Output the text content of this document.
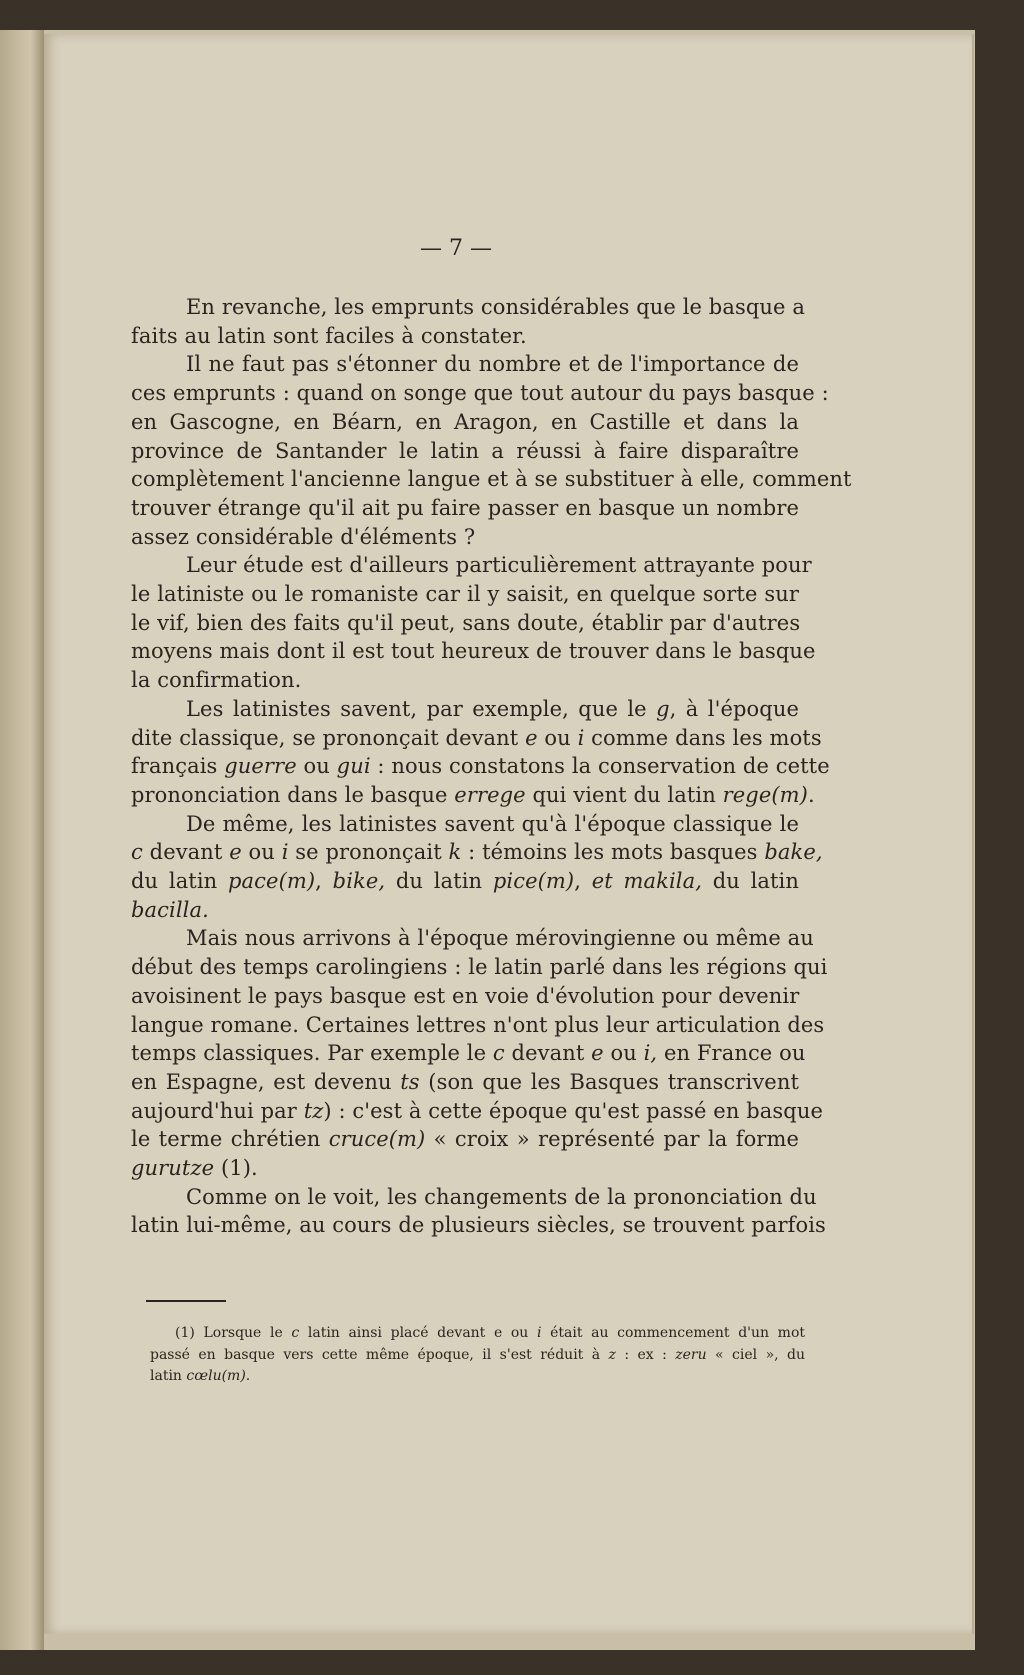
— 7 —
En revanche, les emprunts considérables que le basque a
faits au latin sont faciles à constater.
Il ne faut pas s'étonner du nombre et de l'importance de
ces emprunts : quand on songe que tout autour du pays basque :
en Gascogne, en Béarn, en Aragon, en Castille et dans la
province de Santander le latin a réussi à faire disparaître
complètement l'ancienne langue et à se substituer à elle, comment
trouver étrange qu'il ait pu faire passer en basque un nombre
assez considérable d'éléments ?
Leur étude est d'ailleurs particulièrement attrayante pour
le latiniste ou le romaniste car il y saisit, en quelque sorte sur
le vif, bien des faits qu'il peut, sans doute, établir par d'autres
moyens mais dont il est tout heureux de trouver dans le basque
la confirmation.
Les latinistes savent, par exemple, que le g, à l'époque
dite classique, se prononçait devant e ou i comme dans les mots
français guerre ou gui : nous constatons la conservation de cette
prononciation dans le basque errege qui vient du latin rege(m).
De même, les latinistes savent qu'à l'époque classique le
c devant e ou i se prononçait k : témoins les mots basques bake,
du latin pace(m), bike, du latin pice(m), et makila, du latin
bacilla.
Mais nous arrivons à l'époque mérovingienne ou même au
début des temps carolingiens : le latin parlé dans les régions qui
avoisinent le pays basque est en voie d'évolution pour devenir
langue romane. Certaines lettres n'ont plus leur articulation des
temps classiques. Par exemple le c devant e ou i, en France ou
en Espagne, est devenu ts (son que les Basques transcrivent
aujourd'hui par tz) : c'est à cette époque qu'est passé en basque
le terme chrétien cruce(m) « croix » représenté par la forme
gurutze (1).
Comme on le voit, les changements de la prononciation du
latin lui-même, au cours de plusieurs siècles, se trouvent parfois
(1) Lorsque le c latin ainsi placé devant e ou i était au commencement d'un mot
passé en basque vers cette même époque, il s'est réduit à z : ex : zeru « ciel », du
latin cœlu(m).
